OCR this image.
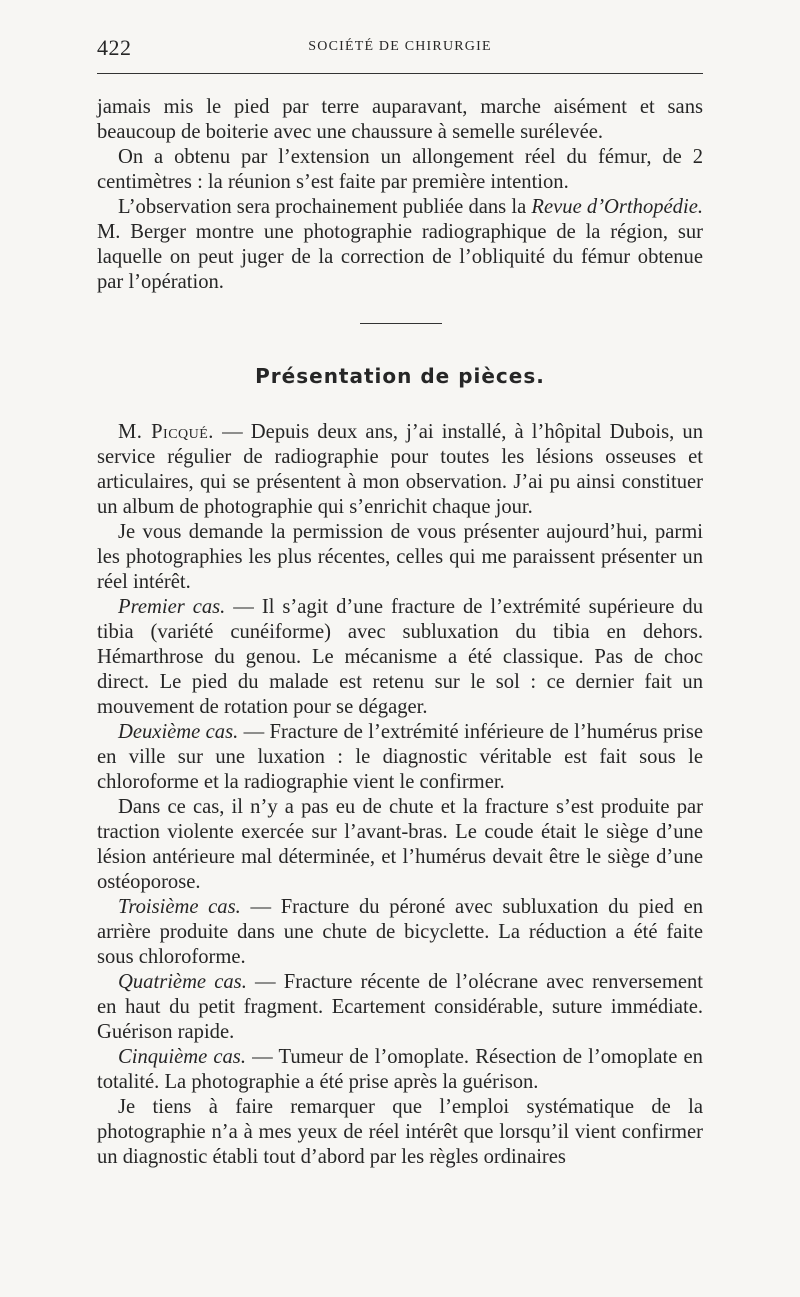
422	SOCIÉTÉ DE CHIRURGIE

jamais mis le pied par terre auparavant, marche aisément et sans beaucoup de boiterie avec une chaussure à semelle surélevée.

On a obtenu par l’extension un allongement réel du fémur, de 2 centimètres : la réunion s’est faite par première intention.

L’observation sera prochainement publiée dans la Revue d’Orthopédie. M. Berger montre une photographie radiographique de la région, sur laquelle on peut juger de la correction de l’obliquité du fémur obtenue par l’opération.

Présentation de pièces.

M. Picqué. — Depuis deux ans, j’ai installé, à l’hôpital Dubois, un service régulier de radiographie pour toutes les lésions osseuses et articulaires, qui se présentent à mon observation. J’ai pu ainsi constituer un album de photographie qui s’enrichit chaque jour.

Je vous demande la permission de vous présenter aujourd’hui, parmi les photographies les plus récentes, celles qui me paraissent présenter un réel intérêt.

Premier cas. — Il s’agit d’une fracture de l’extrémité supérieure du tibia (variété cunéiforme) avec subluxation du tibia en dehors. Hémarthrose du genou. Le mécanisme a été classique. Pas de choc direct. Le pied du malade est retenu sur le sol : ce dernier fait un mouvement de rotation pour se dégager.

Deuxième cas. — Fracture de l’extrémité inférieure de l’humérus prise en ville sur une luxation : le diagnostic véritable est fait sous le chloroforme et la radiographie vient le confirmer.

Dans ce cas, il n’y a pas eu de chute et la fracture s’est produite par traction violente exercée sur l’avant-bras. Le coude était le siège d’une lésion antérieure mal déterminée, et l’humérus devait être le siège d’une ostéoporose.

Troisième cas. — Fracture du péroné avec subluxation du pied en arrière produite dans une chute de bicyclette. La réduction a été faite sous chloroforme.

Quatrième cas. — Fracture récente de l’olécrane avec renversement en haut du petit fragment. Ecartement considérable, suture immédiate. Guérison rapide.

Cinquième cas. — Tumeur de l’omoplate. Résection de l’omoplate en totalité. La photographie a été prise après la guérison.

Je tiens à faire remarquer que l’emploi systématique de la photographie n’a à mes yeux de réel intérêt que lorsqu’il vient confirmer un diagnostic établi tout d’abord par les règles ordinaires
